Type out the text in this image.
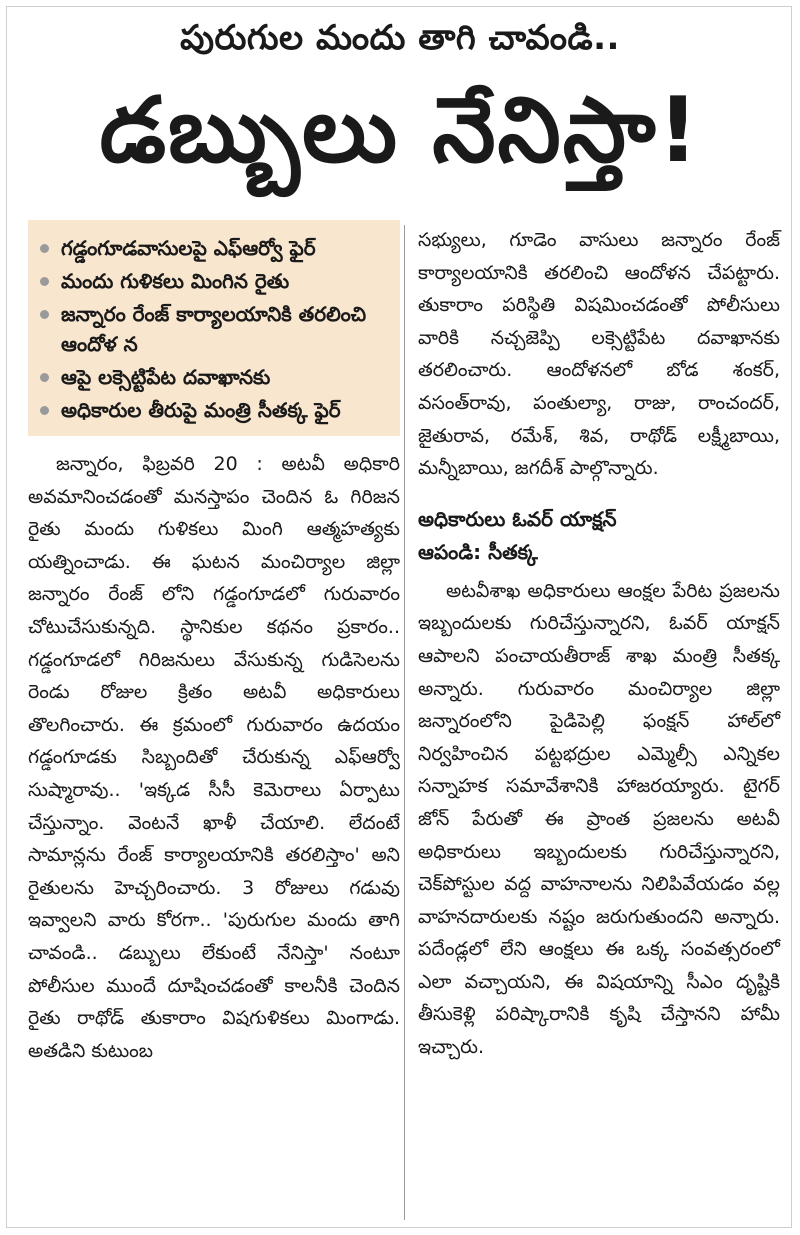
పురుగుల మందు తాగి చావండి..
డబ్బులు నేనిస్తా!
గడ్డంగూడవాసులపై ఎఫ్ఆర్వో ఫైర్
మందు గుళికలు మింగిన రైతు
జన్నారం రేంజ్ కార్యాలయానికి తరలించి ఆందోళ న
ఆపై లక్సెట్టిపేట దవాఖానకు
అధికారుల తీరుపై మంత్రి సీతక్క ఫైర్

జన్నారం, ఫిబ్రవరి 20 : అటవీ అధికారి అవమానించడంతో మనస్తాపం చెందిన ఓ గిరిజన రైతు మందు గుళికలు మింగి ఆత్మహత్యకు యత్నించాడు. ఈ ఘటన మంచిర్యాల జిల్లా జన్నారం రేంజ్ లోని గడ్డంగూడలో గురువారం చోటుచేసుకున్నది. స్థానికుల కథనం ప్రకారం.. గడ్డంగూడలో గిరిజనులు వేసుకున్న గుడిసెలను రెండు రోజుల క్రితం అటవీ అధికారులు తొలగించారు. ఈ క్రమంలో గురువారం ఉదయం గడ్డంగూడకు సిబ్బందితో చేరుకున్న ఎఫ్ఆర్వో సుష్మారావు.. 'ఇక్కడ సీసీ కెమెరాలు ఏర్పాటు చేస్తున్నాం. వెంటనే ఖాళీ చేయాలి. లేదంటే సామాన్లను రేంజ్ కార్యాలయానికి తరలిస్తాం' అని రైతులను హెచ్చరించారు. 3 రోజులు గడువు ఇవ్వాలని వారు కోరగా.. 'పురుగుల మందు తాగి చావండి.. డబ్బులు లేకుంటే నేనిస్తా' నంటూ పోలీసుల ముందే దూషించడంతో కాలనీకి చెందిన రైతు రాథోడ్ తుకారాం విషగుళికలు మింగాడు. అతడిని కుటుంబ

సభ్యులు, గూడెం వాసులు జన్నారం రేంజ్ కార్యాలయానికి తరలించి ఆందోళన చేపట్టారు. తుకారాం పరిస్థితి విషమించడంతో పోలీసులు వారికి నచ్చజెప్పి లక్సెట్టిపేట దవాఖానకు తరలించారు. ఆందోళనలో బోడ శంకర్, వసంత్‌రావు, పంతుల్యా, రాజు, రాంచందర్, జైతురావ, రమేశ్, శివ, రాథోడ్ లక్ష్మీబాయి, మన్నీబాయి, జగదీశ్ పాల్గొన్నారు.

అధికారులు ఓవర్ యాక్షన్
ఆపండి: సీతక్క

అటవీశాఖ అధికారులు ఆంక్షల పేరిట ప్రజలను ఇబ్బందులకు గురిచేస్తున్నారని, ఓవర్ యాక్షన్ ఆపాలని పంచాయతీరాజ్ శాఖ మంత్రి సీతక్క అన్నారు. గురువారం మంచిర్యాల జిల్లా జన్నారంలోని పైడిపెల్లి ఫంక్షన్ హాల్‌లో నిర్వహించిన పట్టభద్రుల ఎమ్మెల్సీ ఎన్నికల సన్నాహక సమావేశానికి హాజరయ్యారు. టైగర్ జోన్ పేరుతో ఈ ప్రాంత ప్రజలను అటవీ అధికారులు ఇబ్బందులకు గురిచేస్తున్నారని, చెక్‌పోస్టుల వద్ద వాహనాలను నిలిపివేయడం వల్ల వాహనదారులకు నష్టం జరుగుతుందని అన్నారు. పదేండ్లలో లేని ఆంక్షలు ఈ ఒక్క సంవత్సరంలో ఎలా వచ్చాయని, ఈ విషయాన్ని సీఎం దృష్టికి తీసుకెళ్లి పరిష్కారానికి కృషి చేస్తానని హామీ ఇచ్చారు.
